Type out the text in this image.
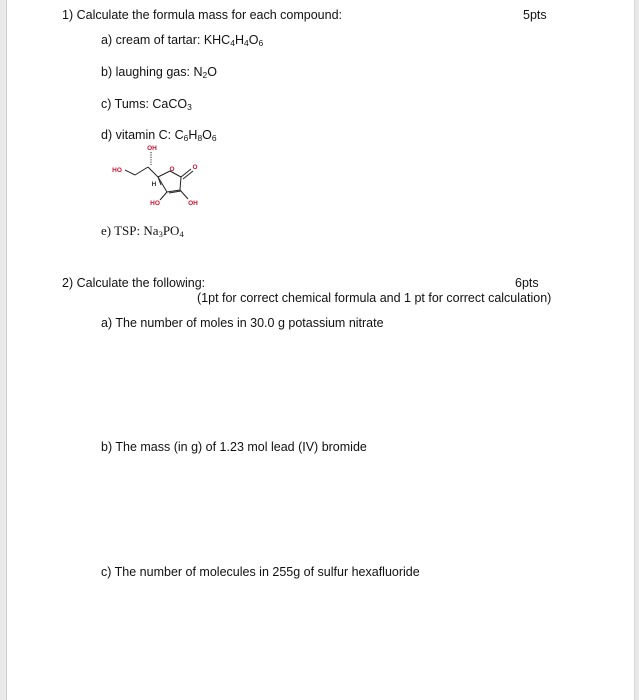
1) Calculate the formula mass for each compound:	5pts
a) cream of tartar: $KHC_4H_4O_6$
b) laughing gas: $N_2O$
c) Tums: CaCO$_3$
d) vitamin C: $C_6H_8O_6$
OH
HO
H
O	O
HO	OH
e) TSP: $Na_3PO_4$
2) Calculate the following:	6pts
(1pt for correct chemical formula and 1 pt for correct calculation)
a) The number of moles in 30.0 g potassium nitrate
b) The mass (in g) of 1.23 mol lead (IV) bromide
c) The number of molecules in 255g of sulfur hexafluoride
